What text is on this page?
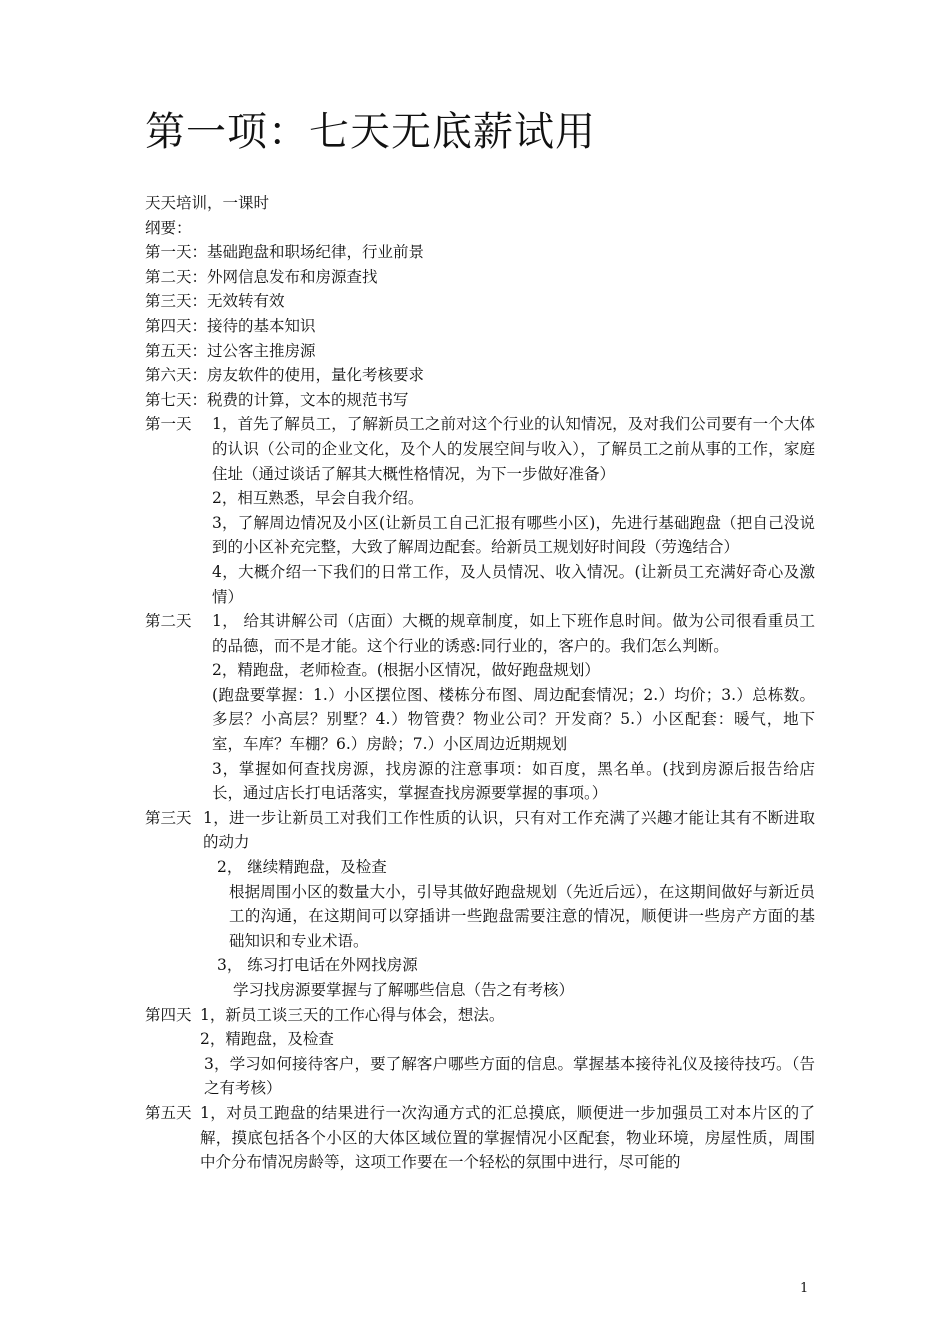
第一项：七天无底薪试用
天天培训，一课时
纲要：
第一天：基础跑盘和职场纪律，行业前景
第二天：外网信息发布和房源查找
第三天：无效转有效
第四天：接待的基本知识
第五天：过公客主推房源
第六天：房友软件的使用，量化考核要求
第七天：税费的计算，文本的规范书写
第一天 1，首先了解员工，了解新员工之前对这个行业的认知情况，及对我们公司要有一个大体的认识（公司的企业文化，及个人的发展空间与收入），了解员工之前从事的工作，家庭住址（通过谈话了解其大概性格情况，为下一步做好准备）
2，相互熟悉，早会自我介绍。
3，了解周边情况及小区(让新员工自己汇报有哪些小区)，先进行基础跑盘（把自己没说到的小区补充完整，大致了解周边配套。给新员工规划好时间段（劳逸结合）
4，大概介绍一下我们的日常工作，及人员情况、收入情况。(让新员工充满好奇心及激情）
第二天 1， 给其讲解公司（店面）大概的规章制度，如上下班作息时间。做为公司很看重员工的品德，而不是才能。这个行业的诱惑:同行业的，客户的。我们怎么判断。
2，精跑盘，老师检查。(根据小区情况，做好跑盘规划）
(跑盘要掌握：1.）小区摆位图、楼栋分布图、周边配套情况；2.）均价；3.）总栋数。多层？小高层？别墅？4.）物管费？物业公司？开发商？5.）小区配套：暖气，地下室，车库？车棚？6.）房龄；7.）小区周边近期规划
3，掌握如何查找房源，找房源的注意事项：如百度，黑名单。(找到房源后报告给店长，通过店长打电话落实，掌握查找房源要掌握的事项。）
第三天 1，进一步让新员工对我们工作性质的认识，只有对工作充满了兴趣才能让其有不断进取的动力
2， 继续精跑盘，及检查
根据周围小区的数量大小，引导其做好跑盘规划（先近后远），在这期间做好与新近员工的沟通，在这期间可以穿插讲一些跑盘需要注意的情况，顺便讲一些房产方面的基础知识和专业术语。
3， 练习打电话在外网找房源
学习找房源要掌握与了解哪些信息（告之有考核）
第四天 1，新员工谈三天的工作心得与体会，想法。
2，精跑盘，及检查
3，学习如何接待客户，要了解客户哪些方面的信息。掌握基本接待礼仪及接待技巧。（告之有考核）
第五天 1，对员工跑盘的结果进行一次沟通方式的汇总摸底，顺便进一步加强员工对本片区的了解，摸底包括各个小区的大体区域位置的掌握情况小区配套，物业环境，房屋性质，周围中介分布情况房龄等，这项工作要在一个轻松的氛围中进行，尽可能的
1
